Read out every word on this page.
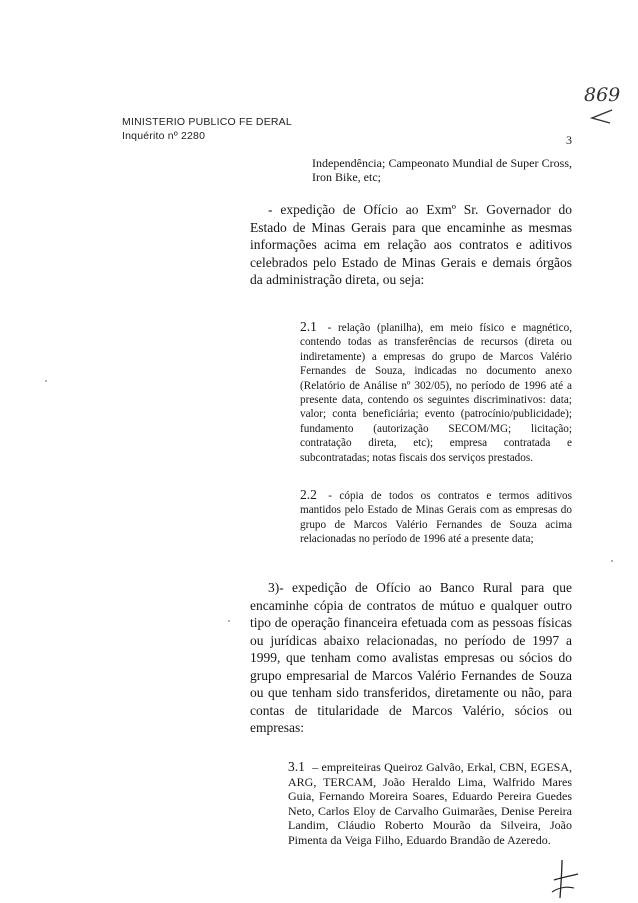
MINISTERIO PUBLICO FE DERAL
Inquérito nº 2280	3
869
Independência; Campeonato Mundial de Super Cross, Iron Bike, etc;
- expedição de Ofício ao Exmº Sr. Governador do Estado de Minas Gerais para que encaminhe as mesmas informações acima em relação aos contratos e aditivos celebrados pelo Estado de Minas Gerais e demais órgãos da administração direta, ou seja:
2.1 - relação (planilha), em meio físico e magnético, contendo todas as transferências de recursos (direta ou indiretamente) a empresas do grupo de Marcos Valério Fernandes de Souza, indicadas no documento anexo (Relatório de Análise nº 302/05), no período de 1996 até a presente data, contendo os seguintes discriminativos: data; valor; conta beneficiária; evento (patrocínio/publicidade); fundamento (autorização SECOM/MG; licitação; contratação direta, etc); empresa contratada e subcontratadas; notas fiscais dos serviços prestados.
2.2 - cópia de todos os contratos e termos aditivos mantidos pelo Estado de Minas Gerais com as empresas do grupo de Marcos Valério Fernandes de Souza acima relacionadas no período de 1996 até a presente data;
3)- expedição de Ofício ao Banco Rural para que encaminhe cópia de contratos de mútuo e qualquer outro tipo de operação financeira efetuada com as pessoas físicas ou jurídicas abaixo relacionadas, no período de 1997 a 1999, que tenham como avalistas empresas ou sócios do grupo empresarial de Marcos Valério Fernandes de Souza ou que tenham sido transferidos, diretamente ou não, para contas de titularidade de Marcos Valério, sócios ou empresas:
3.1 – empreiteiras Queiroz Galvão, Erkal, CBN, EGESA, ARG, TERCAM, João Heraldo Lima, Walfrido Mares Guia, Fernando Moreira Soares, Eduardo Pereira Guedes Neto, Carlos Eloy de Carvalho Guimarães, Denise Pereira Landim, Cláudio Roberto Mourão da Silveira, João Pimenta da Veiga Filho, Eduardo Brandão de Azeredo.
